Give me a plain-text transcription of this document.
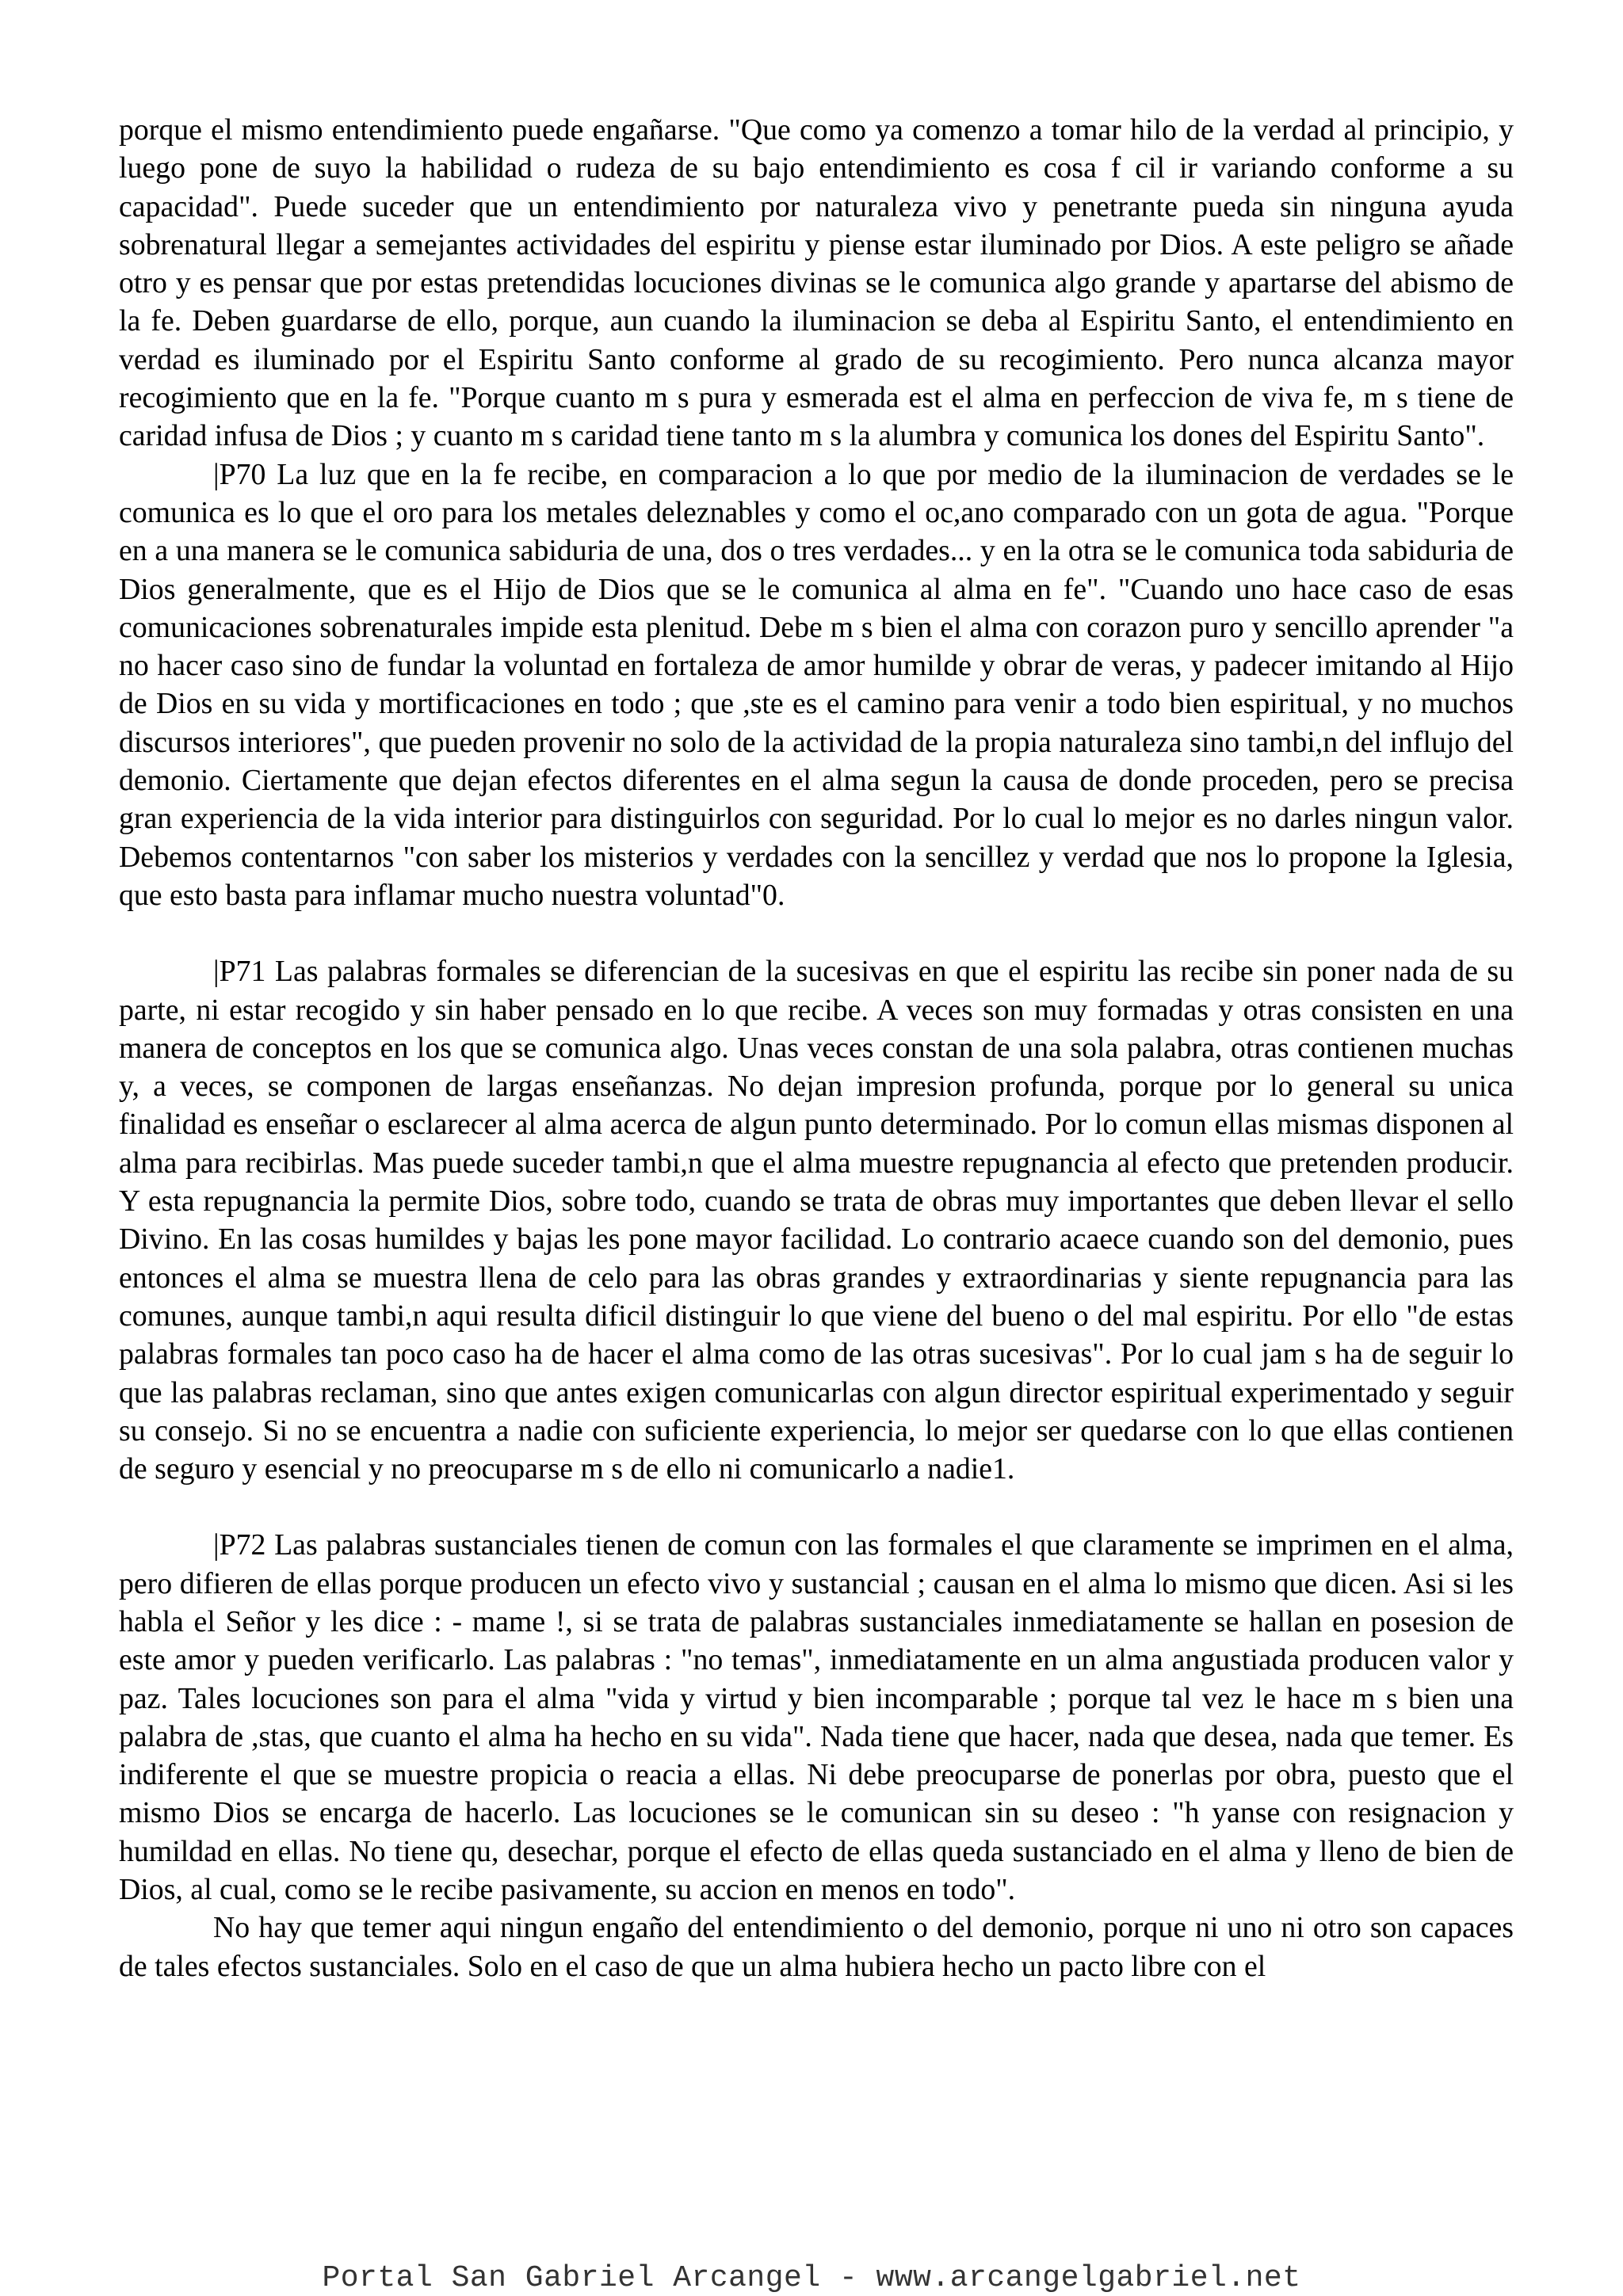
porque el mismo entendimiento puede engañarse. "Que como ya comenzo a tomar hilo de la verdad al principio, y luego pone de suyo la habilidad o rudeza de su bajo entendimiento es cosa f cil ir variando conforme a su capacidad". Puede suceder que un entendimiento por naturaleza vivo y penetrante pueda sin ninguna ayuda sobrenatural llegar a semejantes actividades del espiritu y piense estar iluminado por Dios. A este peligro se añade otro y es pensar que por estas pretendidas locuciones divinas se le comunica algo grande y apartarse del abismo de la fe. Deben guardarse de ello, porque, aun cuando la iluminacion se deba al Espiritu Santo, el entendimiento en verdad es iluminado por el Espiritu Santo conforme al grado de su recogimiento. Pero nunca alcanza mayor recogimiento que en la fe. "Porque cuanto m s pura y esmerada est el alma en perfeccion de viva fe, m s tiene de caridad infusa de Dios ; y cuanto m s caridad tiene tanto m s la alumbra y comunica los dones del Espiritu Santo".

|P70 La luz que en la fe recibe, en comparacion a lo que por medio de la iluminacion de verdades se le comunica es lo que el oro para los metales deleznables y como el oc,ano comparado con un gota de agua. "Porque en a una manera se le comunica sabiduria de una, dos o tres verdades... y en la otra se le comunica toda sabiduria de Dios generalmente, que es el Hijo de Dios que se le comunica al alma en fe". "Cuando uno hace caso de esas comunicaciones sobrenaturales impide esta plenitud. Debe m s bien el alma con corazon puro y sencillo aprender "a no hacer caso sino de fundar la voluntad en fortaleza de amor humilde y obrar de veras, y padecer imitando al Hijo de Dios en su vida y mortificaciones en todo ; que ,ste es el camino para venir a todo bien espiritual, y no muchos discursos interiores", que pueden provenir no solo de la actividad de la propia naturaleza sino tambi,n del influjo del demonio. Ciertamente que dejan efectos diferentes en el alma segun la causa de donde proceden, pero se precisa gran experiencia de la vida interior para distinguirlos con seguridad. Por lo cual lo mejor es no darles ningun valor. Debemos contentarnos "con saber los misterios y verdades con la sencillez y verdad que nos lo propone la Iglesia, que esto basta para inflamar mucho nuestra voluntad"0.

|P71 Las palabras formales se diferencian de la sucesivas en que el espiritu las recibe sin poner nada de su parte, ni estar recogido y sin haber pensado en lo que recibe. A veces son muy formadas y otras consisten en una manera de conceptos en los que se comunica algo. Unas veces constan de una sola palabra, otras contienen muchas y, a veces, se componen de largas enseñanzas. No dejan impresion profunda, porque por lo general su unica finalidad es enseñar o esclarecer al alma acerca de algun punto determinado. Por lo comun ellas mismas disponen al alma para recibirlas. Mas puede suceder tambi,n que el alma muestre repugnancia al efecto que pretenden producir. Y esta repugnancia la permite Dios, sobre todo, cuando se trata de obras muy importantes que deben llevar el sello Divino. En las cosas humildes y bajas les pone mayor facilidad. Lo contrario acaece cuando son del demonio, pues entonces el alma se muestra llena de celo para las obras grandes y extraordinarias y siente repugnancia para las comunes, aunque tambi,n aqui resulta dificil distinguir lo que viene del bueno o del mal espiritu. Por ello "de estas palabras formales tan poco caso ha de hacer el alma como de las otras sucesivas". Por lo cual jam s ha de seguir lo que las palabras reclaman, sino que antes exigen comunicarlas con algun director espiritual experimentado y seguir su consejo. Si no se encuentra a nadie con suficiente experiencia, lo mejor ser quedarse con lo que ellas contienen de seguro y esencial y no preocuparse m s de ello ni comunicarlo a nadie1.

|P72 Las palabras sustanciales tienen de comun con las formales el que claramente se imprimen en el alma, pero difieren de ellas porque producen un efecto vivo y sustancial ; causan en el alma lo mismo que dicen. Asi si les habla el Señor y les dice : - mame !, si se trata de palabras sustanciales inmediatamente se hallan en posesion de este amor y pueden verificarlo. Las palabras : "no temas", inmediatamente en un alma angustiada producen valor y paz. Tales locuciones son para el alma "vida y virtud y bien incomparable ; porque tal vez le hace m s bien una palabra de ,stas, que cuanto el alma ha hecho en su vida". Nada tiene que hacer, nada que desea, nada que temer. Es indiferente el que se muestre propicia o reacia a ellas. Ni debe preocuparse de ponerlas por obra, puesto que el mismo Dios se encarga de hacerlo. Las locuciones se le comunican sin su deseo : "h yanse con resignacion y humildad en ellas. No tiene qu, desechar, porque el efecto de ellas queda sustanciado en el alma y lleno de bien de Dios, al cual, como se le recibe pasivamente, su accion en menos en todo".

No hay que temer aqui ningun engaño del entendimiento o del demonio, porque ni uno ni otro son capaces de tales efectos sustanciales. Solo en el caso de que un alma hubiera hecho un pacto libre con el

Portal San Gabriel Arcangel - www.arcangelgabriel.net
